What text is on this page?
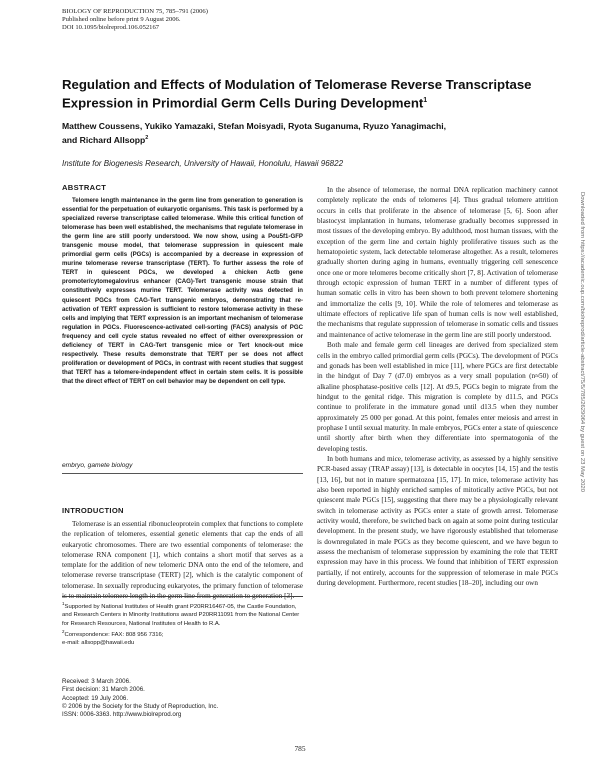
BIOLOGY OF REPRODUCTION 75, 785–791 (2006)
Published online before print 9 August 2006.
DOI 10.1095/biolreprod.106.052167
Regulation and Effects of Modulation of Telomerase Reverse Transcriptase Expression in Primordial Germ Cells During Development$^1$
Matthew Coussens, Yukiko Yamazaki, Stefan Moisyadi, Ryota Suganuma, Ryuzo Yanagimachi,
and Richard Allsopp$^2$
Institute for Biogenesis Research, University of Hawaii, Honolulu, Hawaii 96822
ABSTRACT

Telomere length maintenance in the germ line from generation to generation is essential for the perpetuation of eukaryotic organisms. This task is performed by a specialized reverse transcriptase called telomerase. While this critical function of telomerase has been well established, the mechanisms that regulate telomerase in the germ line are still poorly understood. We now show, using a Pou5f1-GFP transgenic mouse model, that telomerase suppression in quiescent male primordial germ cells (PGCs) is accompanied by a decrease in expression of murine telomerase reverse transcriptase (TERT). To further assess the role of TERT in quiescent PGCs, we developed a chicken Actb gene promoter/cytomegalovirus enhancer (CAG)-Tert transgenic mouse strain that constitutively expresses murine TERT. Telomerase activity was detected in quiescent PGCs from CAG-Tert transgenic embryos, demonstrating that re-activation of TERT expression is sufficient to restore telomerase activity in these cells and implying that TERT expression is an important mechanism of telomerase regulation in PGCs. Fluorescence-activated cell-sorting (FACS) analysis of PGC frequency and cell cycle status revealed no effect of either overexpression or deficiency of TERT in CAG-Tert transgenic mice or Tert knock-out mice respectively. These results demonstrate that TERT per se does not affect proliferation or development of PGCs, in contrast with recent studies that suggest that TERT has a telomere-independent effect in certain stem cells. It is possible that the direct effect of TERT on cell behavior may be dependent on cell type.

embryo, gamete biology
INTRODUCTION

Telomerase is an essential ribonucleoprotein complex that functions to complete the replication of telomeres, essential genetic elements that cap the ends of all eukaryotic chromosomes. There are two essential components of telomerase: the telomerase RNA component [1], which contains a short motif that serves as a template for the addition of new telomeric DNA onto the end of the telomere, and telomerase reverse transcriptase (TERT) [2], which is the catalytic component of telomerase. In sexually reproducing eukaryotes, the primary function of telomerase is to maintain telomere length in the germ line from generation to generation [3].

$^1$Supported by National Institutes of Health grant P20RR16467-05, the Castle Foundation, and Research Centers in Minority Institutions award P20RR11091 from the National Center for Research Resources, National Institutes of Health to R.A.

$^2$Correspondence: FAX: 808 956 7316;

e-mail: allsopp@hawaii.edu

Received: 3 March 2006.
First decision: 31 March 2006.
Accepted: 19 July 2006.
© 2006 by the Society for the Study of Reproduction, Inc.
ISSN: 0006-3363. http://www.biolreprod.org

In the absence of telomerase, the normal DNA replication machinery cannot completely replicate the ends of telomeres [4]. Thus gradual telomere attrition occurs in cells that proliferate in the absence of telomerase [5, 6]. Soon after blastocyst implantation in humans, telomerase gradually becomes suppressed in most tissues of the developing embryo. By adulthood, most human tissues, with the exception of the germ line and certain highly proliferative tissues such as the hematopoietic system, lack detectable telomerase altogether. As a result, telomeres gradually shorten during aging in humans, eventually triggering cell senescence once one or more telomeres become critically short [7, 8]. Activation of telomerase through ectopic expression of human TERT in a number of different types of human somatic cells in vitro has been shown to both prevent telomere shortening and immortalize the cells [9, 10]. While the role of telomeres and telomerase as ultimate effectors of replicative life span of human cells is now well established, the mechanisms that regulate suppression of telomerase in somatic cells and tissues and maintenance of active telomerase in the germ line are still poorly understood.

Both male and female germ cell lineages are derived from specialized stem cells in the embryo called primordial germ cells (PGCs). The development of PGCs and gonads has been well established in mice [11], where PGCs are first detectable in the hindgut of Day 7 (d7.0) embryos as a very small population (n≈50) of alkaline phosphatase-positive cells [12]. At d9.5, PGCs begin to migrate from the hindgut to the genital ridge. This migration is complete by d11.5, and PGCs continue to proliferate in the immature gonad until d13.5 when they number approximately 25 000 per gonad. At this point, females enter meiosis and arrest in prophase I until sexual maturity. In male embryos, PGCs enter a state of quiescence until shortly after birth when they differentiate into spermatogonia of the developing testis.

In both humans and mice, telomerase activity, as assessed by a highly sensitive PCR-based assay (TRAP assay) [13], is detectable in oocytes [14, 15] and the testis [13, 16], but not in mature spermatozoa [15, 17]. In mice, telomerase activity has also been reported in highly enriched samples of mitotically active PGCs, but not quiescent male PGCs [15], suggesting that there may be a physiologically relevant switch in telomerase activity as PGCs enter a state of growth arrest. Telomerase activity would, therefore, be switched back on again at some point during testicular development. In the present study, we have rigorously established that telomerase is downregulated in male PGCs as they become quiescent, and we have begun to assess the mechanism of telomerase suppression by examining the role that TERT expression may have in this process. We found that inhibition of TERT expression partially, if not entirely, accounts for the suppression of telomerase in male PGCs during development. Furthermore, recent studies [18–20], including our own

785
Downloaded from https://academic.oup.com/biolreprod/article-abstract/75/5/785/2629064 by guest on 23 May 2020
